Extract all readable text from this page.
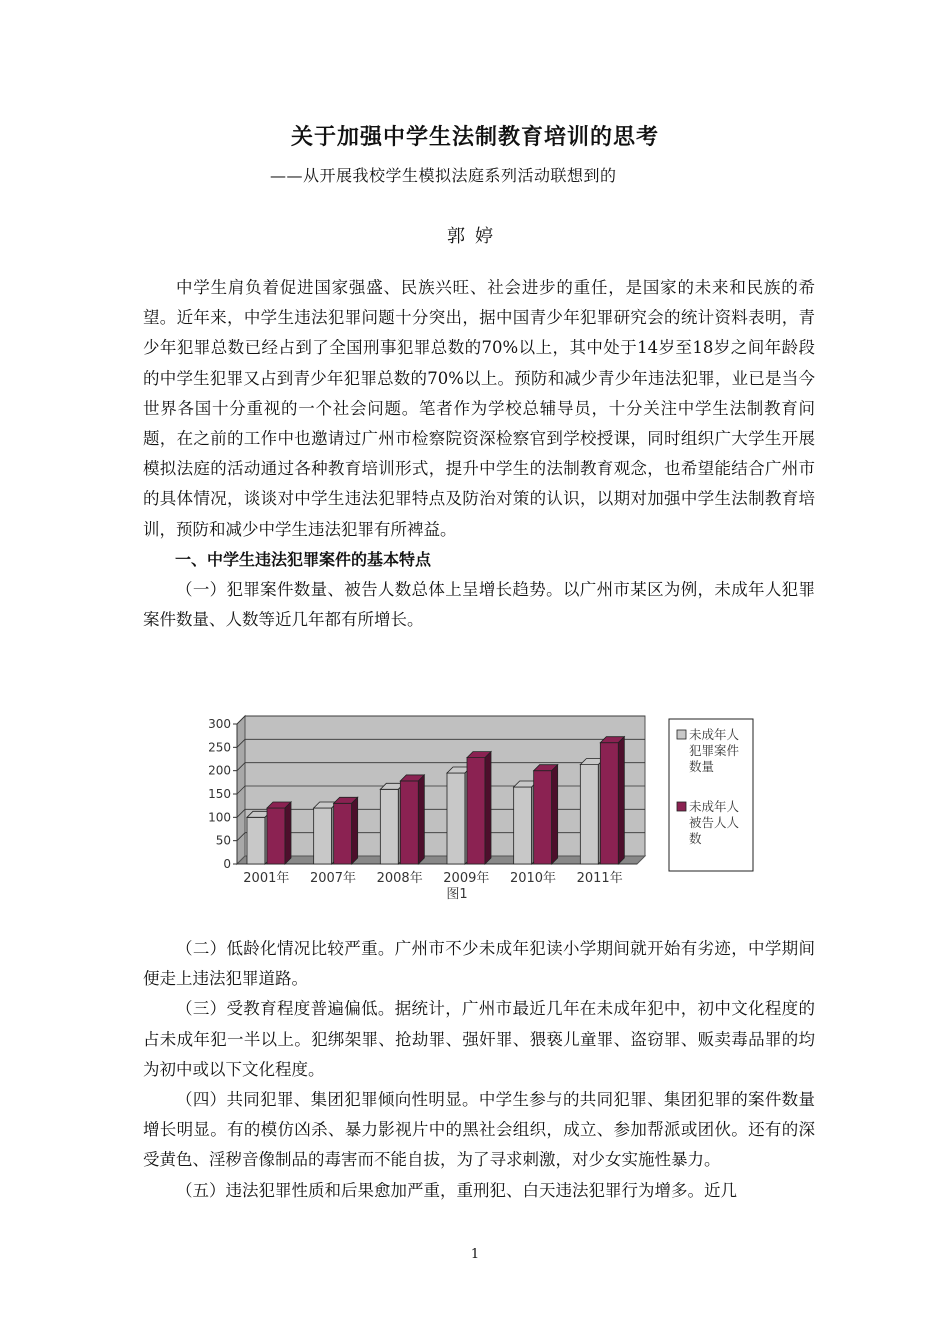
关于加强中学生法制教育培训的思考
——从开展我校学生模拟法庭系列活动联想到的
郭婷

中学生肩负着促进国家强盛、民族兴旺、社会进步的重任，是国家的未来和民族的希望。近年来，中学生违法犯罪问题十分突出，据中国青少年犯罪研究会的统计资料表明，青少年犯罪总数已经占到了全国刑事犯罪总数的70%以上，其中处于14岁至18岁之间年龄段的中学生犯罪又占到青少年犯罪总数的70%以上。预防和减少青少年违法犯罪，业已是当今世界各国十分重视的一个社会问题。笔者作为学校总辅导员，十分关注中学生法制教育问题，在之前的工作中也邀请过广州市检察院资深检察官到学校授课，同时组织广大学生开展模拟法庭的活动通过各种教育培训形式，提升中学生的法制教育观念，也希望能结合广州市的具体情况，谈谈对中学生违法犯罪特点及防治对策的认识，以期对加强中学生法制教育培训，预防和减少中学生违法犯罪有所裨益。

一、中学生违法犯罪案件的基本特点

（一）犯罪案件数量、被告人数总体上呈增长趋势。以广州市某区为例，未成年人犯罪案件数量、人数等近几年都有所增长。

0
50
100
150
200
250
300
2001年 2007年 2008年 2009年 2010年 2011年
图1
未成年人
犯罪案件
数量
未成年人
被告人人
数

（二）低龄化情况比较严重。广州市不少未成年犯读小学期间就开始有劣迹，中学期间便走上违法犯罪道路。

（三）受教育程度普遍偏低。据统计，广州市最近几年在未成年犯中，初中文化程度的占未成年犯一半以上。犯绑架罪、抢劫罪、强奸罪、猥亵儿童罪、盗窃罪、贩卖毒品罪的均为初中或以下文化程度。

（四）共同犯罪、集团犯罪倾向性明显。中学生参与的共同犯罪、集团犯罪的案件数量增长明显。有的模仿凶杀、暴力影视片中的黑社会组织，成立、参加帮派或团伙。还有的深受黄色、淫秽音像制品的毒害而不能自拔，为了寻求刺激，对少女实施性暴力。

（五）违法犯罪性质和后果愈加严重，重刑犯、白天违法犯罪行为增多。近几

1
